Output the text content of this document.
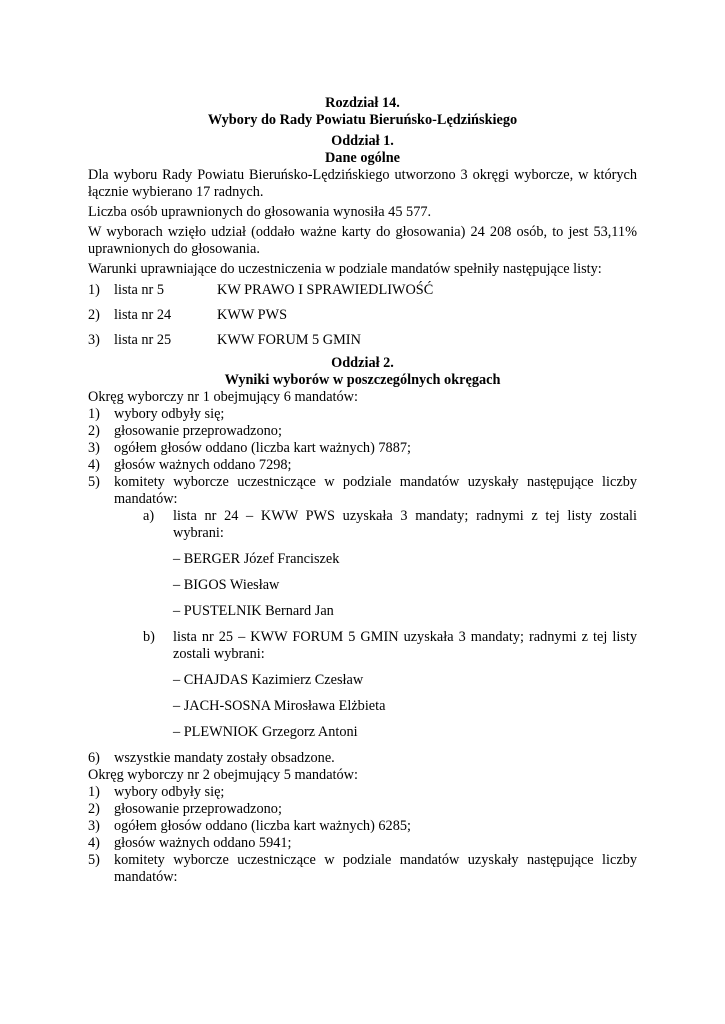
Rozdział 14.
Wybory do Rady Powiatu Bieruńsko-Lędzińskiego
Oddział 1.
Dane ogólne

Dla wyboru Rady Powiatu Bieruńsko-Lędzińskiego utworzono 3 okręgi wyborcze, w których łącznie wybierano 17 radnych.

Liczba osób uprawnionych do głosowania wynosiła 45 577.

W wyborach wzięło udział (oddało ważne karty do głosowania) 24 208 osób, to jest 53,11% uprawnionych do głosowania.

Warunki uprawniające do uczestniczenia w podziale mandatów spełniły następujące listy:

1) lista nr 5	KW PRAWO I SPRAWIEDLIWOŚĆ
2) lista nr 24	KWW PWS
3) lista nr 25	KWW FORUM 5 GMIN
Oddział 2.
Wyniki wyborów w poszczególnych okręgach

Okręg wyborczy nr 1 obejmujący 6 mandatów:

1) wybory odbyły się;
2) głosowanie przeprowadzono;
3) ogółem głosów oddano (liczba kart ważnych) 7887;
4) głosów ważnych oddano 7298;
5) komitety wyborcze uczestniczące w podziale mandatów uzyskały następujące liczby mandatów:
a)	lista nr 24 – KWW PWS uzyskała 3 mandaty; radnymi z tej listy zostali wybrani:
– BERGER Józef Franciszek
– BIGOS Wiesław
– PUSTELNIK Bernard Jan
b)	lista nr 25 – KWW FORUM 5 GMIN uzyskała 3 mandaty; radnymi z tej listy zostali wybrani:
– CHAJDAS Kazimierz Czesław
– JACH-SOSNA Mirosława Elżbieta
– PLEWNIOK Grzegorz Antoni
6) wszystkie mandaty zostały obsadzone.

Okręg wyborczy nr 2 obejmujący 5 mandatów:

1) wybory odbyły się;
2) głosowanie przeprowadzono;
3) ogółem głosów oddano (liczba kart ważnych) 6285;
4) głosów ważnych oddano 5941;
5) komitety wyborcze uczestniczące w podziale mandatów uzyskały następujące liczby mandatów:
